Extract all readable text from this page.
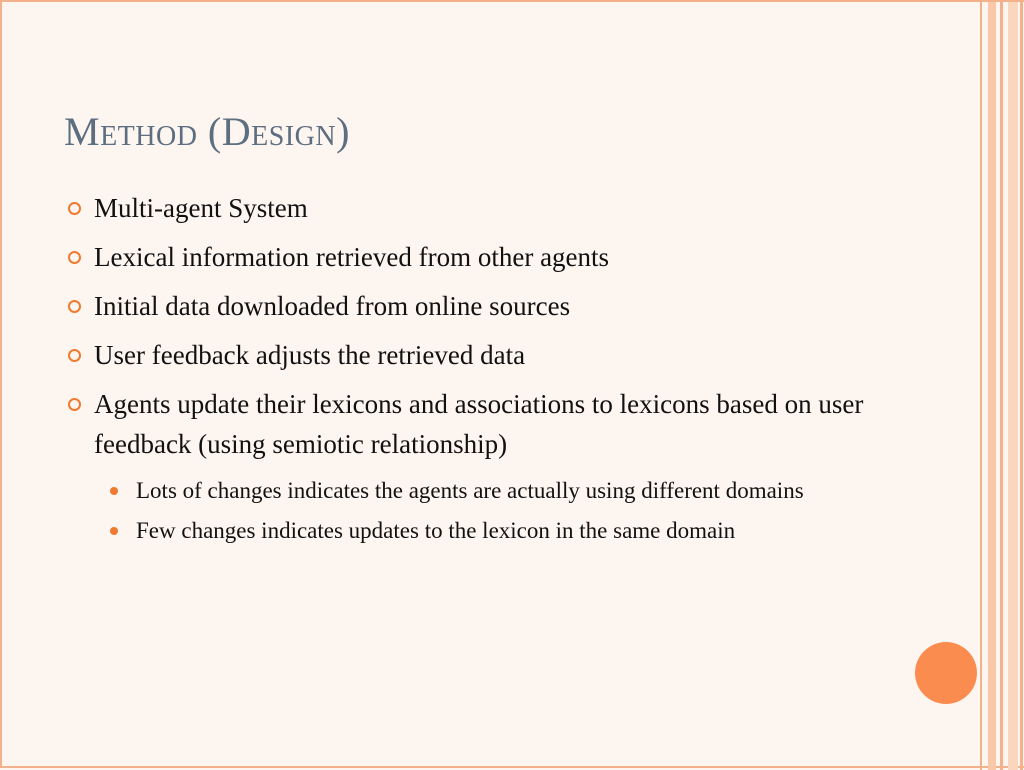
Method (Design)
Multi-agent System
Lexical information retrieved from other agents
Initial data downloaded from online sources
User feedback adjusts the retrieved data
Agents update their lexicons and associations to lexicons based on user feedback (using semiotic relationship)
Lots of changes indicates the agents are actually using different domains
Few changes indicates updates to the lexicon in the same domain
